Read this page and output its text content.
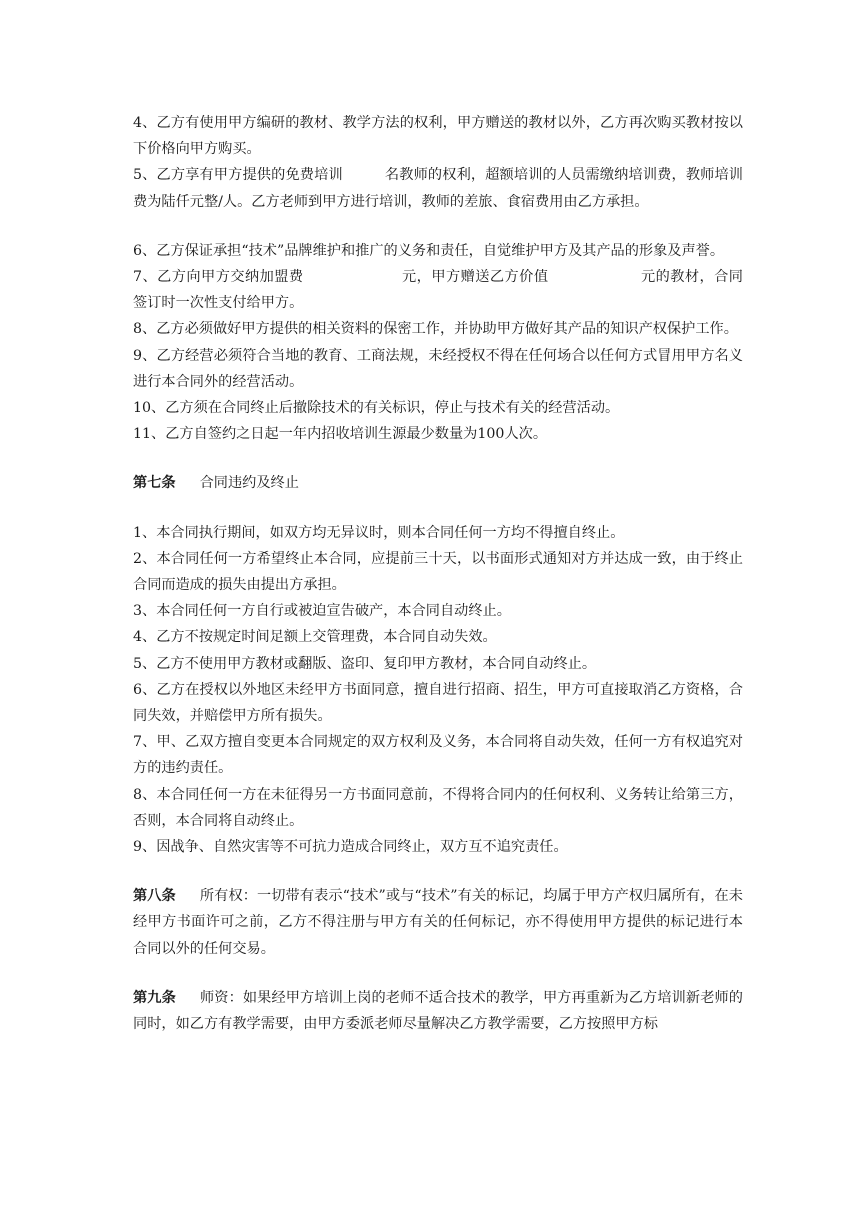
4、乙方有使用甲方编研的教材、教学方法的权利，甲方赠送的教材以外，乙方再次购买教材按以下价格向甲方购买。

5、乙方享有甲方提供的免费培训	名教师的权利，超额培训的人员需缴纳培训费，教师培训费为陆仟元整/人。乙方老师到甲方进行培训，教师的差旅、食宿费用由乙方承担。

6、乙方保证承担“技术”品牌维护和推广的义务和责任，自觉维护甲方及其产品的形象及声誉。

7、乙方向甲方交纳加盟费	元，甲方赠送乙方价值	元的教材，合同签订时一次性支付给甲方。

8、乙方必须做好甲方提供的相关资料的保密工作，并协助甲方做好其产品的知识产权保护工作。

9、乙方经营必须符合当地的教育、工商法规，未经授权不得在任何场合以任何方式冒用甲方名义进行本合同外的经营活动。

10、乙方须在合同终止后撤除技术的有关标识，停止与技术有关的经营活动。

11、乙方自签约之日起一年内招收培训生源最少数量为100人次。

第七条 合同违约及终止

1、本合同执行期间，如双方均无异议时，则本合同任何一方均不得擅自终止。

2、本合同任何一方希望终止本合同，应提前三十天，以书面形式通知对方并达成一致，由于终止合同而造成的损失由提出方承担。

3、本合同任何一方自行或被迫宣告破产，本合同自动终止。

4、乙方不按规定时间足额上交管理费，本合同自动失效。

5、乙方不使用甲方教材或翻版、盗印、复印甲方教材，本合同自动终止。

6、乙方在授权以外地区未经甲方书面同意，擅自进行招商、招生，甲方可直接取消乙方资格，合同失效，并赔偿甲方所有损失。

7、甲、乙双方擅自变更本合同规定的双方权利及义务，本合同将自动失效，任何一方有权追究对方的违约责任。

8、本合同任何一方在未征得另一方书面同意前，不得将合同内的任何权利、义务转让给第三方，否则，本合同将自动终止。

9、因战争、自然灾害等不可抗力造成合同终止，双方互不追究责任。

第八条 所有权：一切带有表示“技术”或与“技术”有关的标记，均属于甲方产权归属所有，在未经甲方书面许可之前，乙方不得注册与甲方有关的任何标记，亦不得使用甲方提供的标记进行本合同以外的任何交易。

第九条 师资：如果经甲方培训上岗的老师不适合技术的教学，甲方再重新为乙方培训新老师的同时，如乙方有教学需要，由甲方委派老师尽量解决乙方教学需要，乙方按照甲方标
